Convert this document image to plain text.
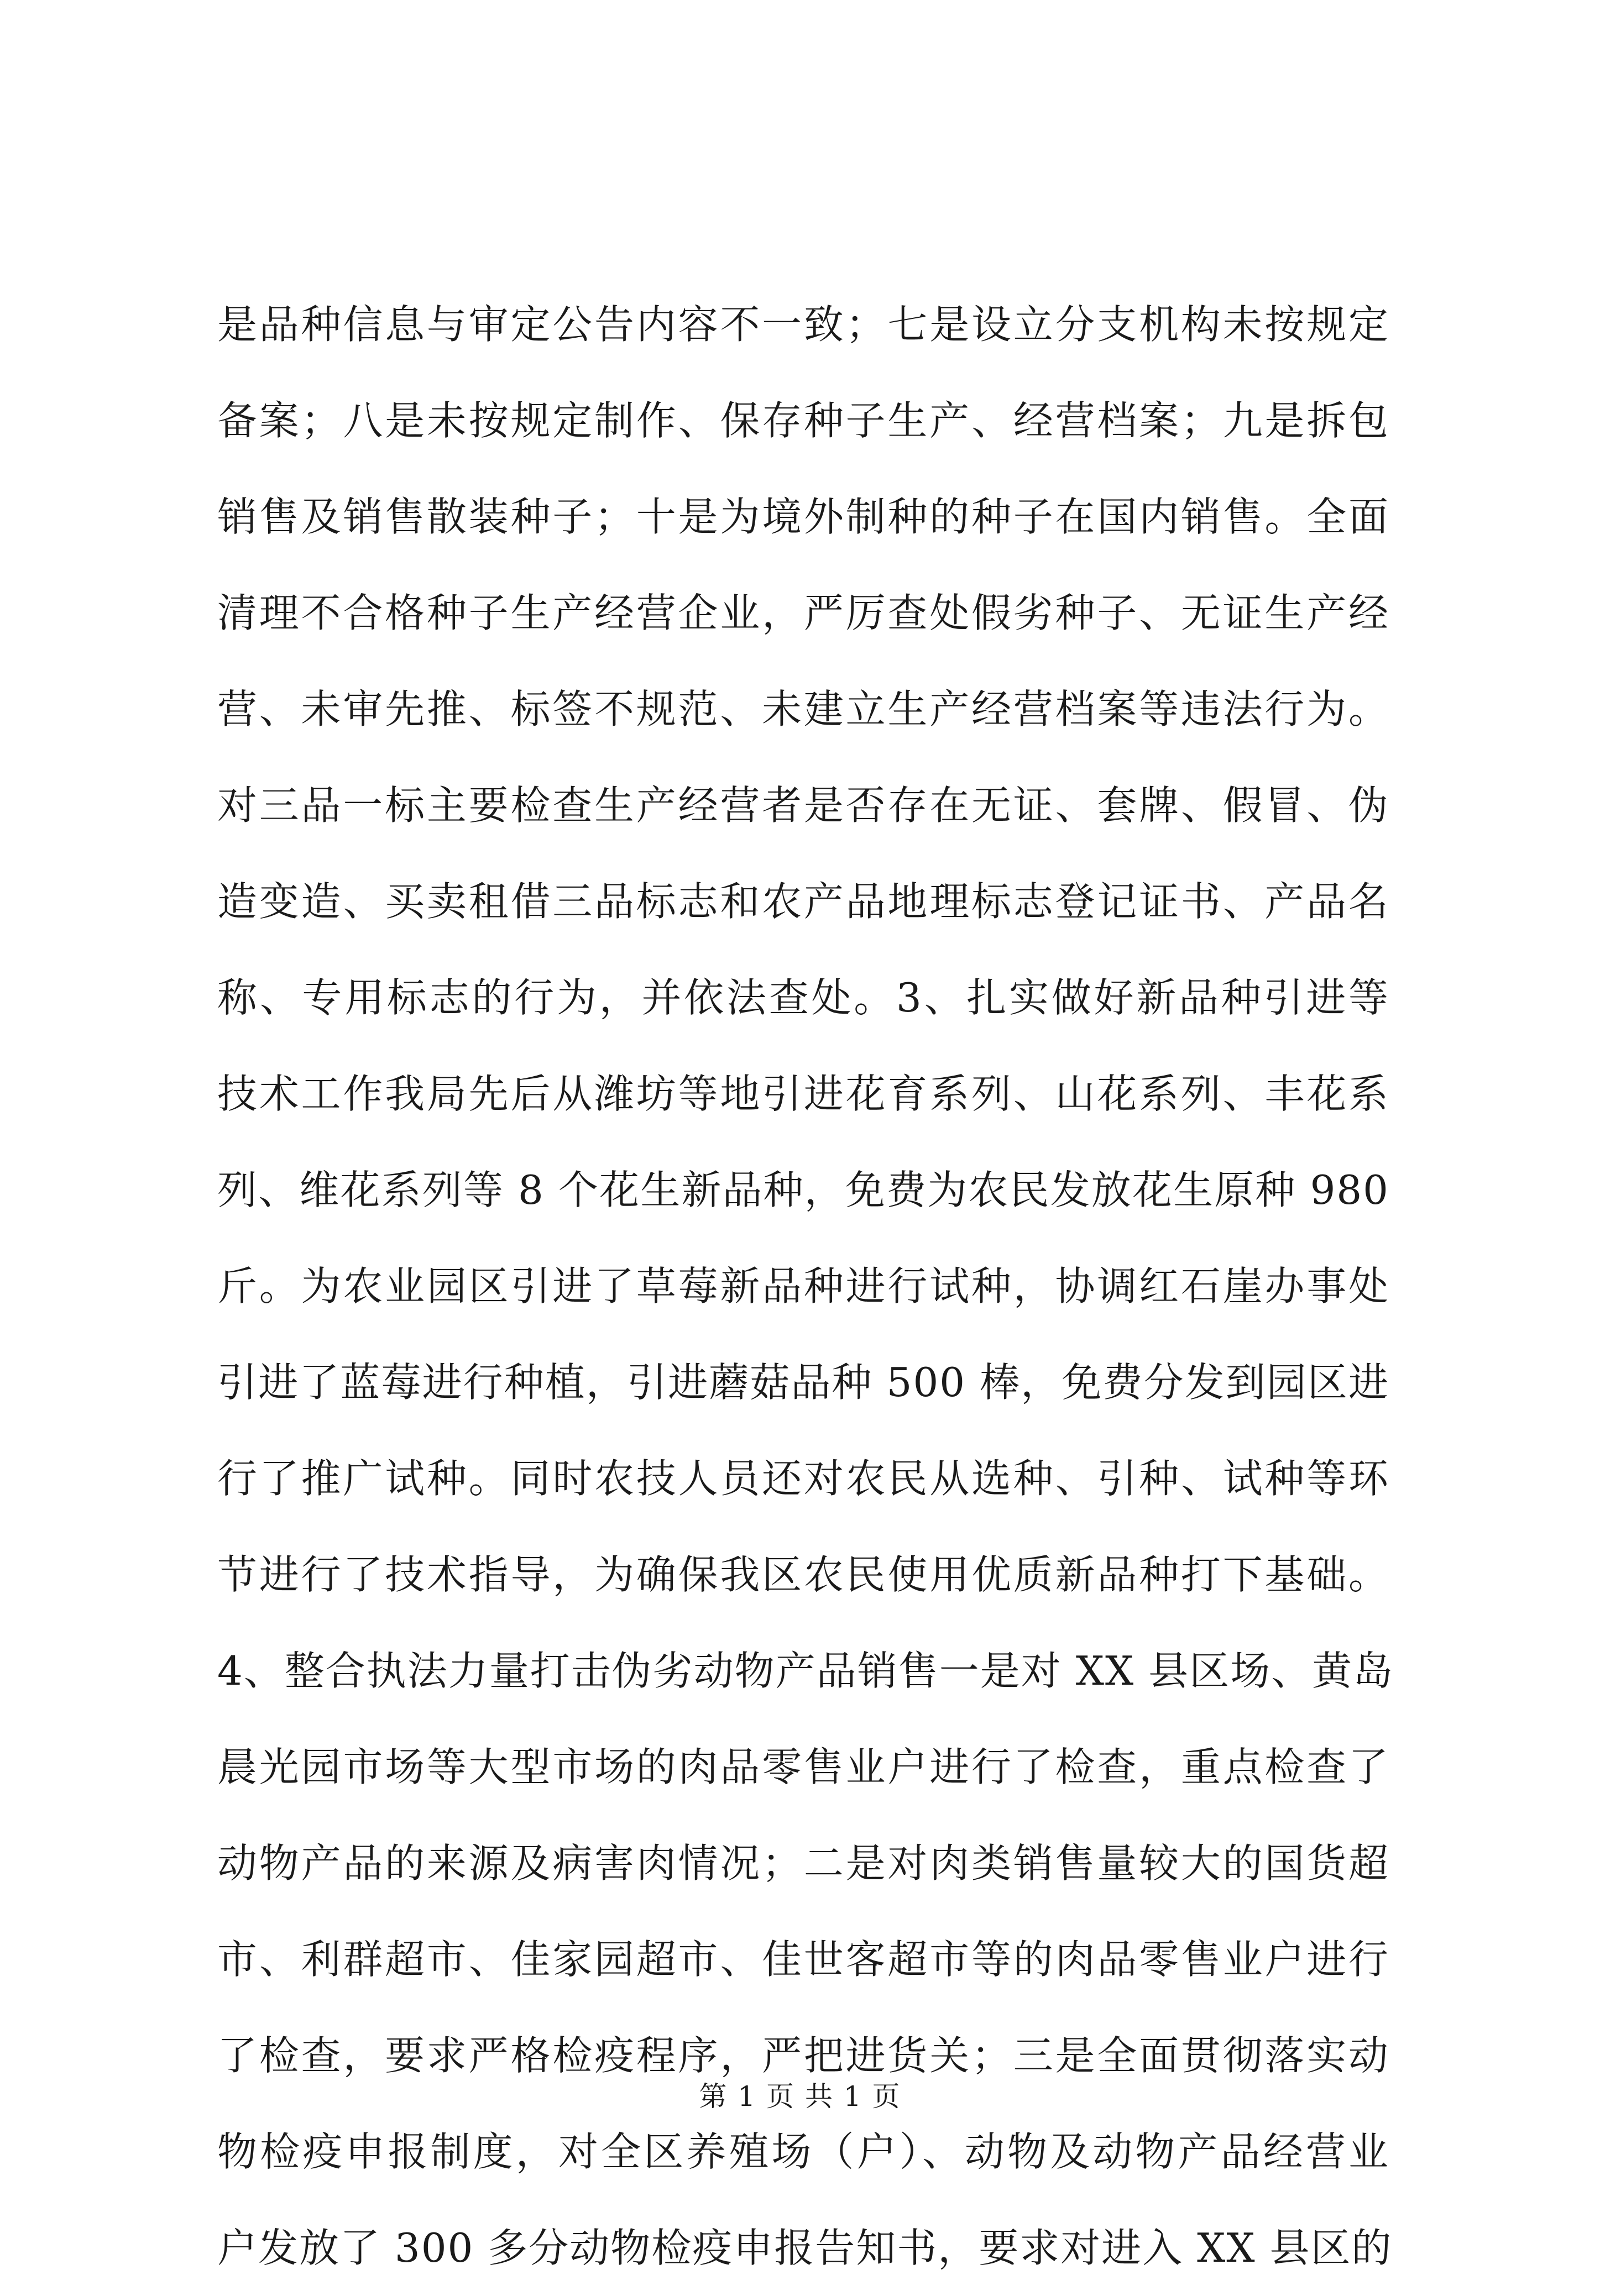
是品种信息与审定公告内容不一致；七是设立分支机构未按规定
备案；八是未按规定制作、保存种子生产、经营档案；九是拆包
销售及销售散装种子；十是为境外制种的种子在国内销售。全面
清理不合格种子生产经营企业，严厉查处假劣种子、无证生产经
营、未审先推、标签不规范、未建立生产经营档案等违法行为。
对三品一标主要检查生产经营者是否存在无证、套牌、假冒、伪
造变造、买卖租借三品标志和农产品地理标志登记证书、产品名
称、专用标志的行为，并依法查处。3、扎实做好新品种引进等
技术工作我局先后从潍坊等地引进花育系列、山花系列、丰花系
列、维花系列等 8 个花生新品种，免费为农民发放花生原种 980
斤。为农业园区引进了草莓新品种进行试种，协调红石崖办事处
引进了蓝莓进行种植，引进蘑菇品种 500 棒，免费分发到园区进
行了推广试种。同时农技人员还对农民从选种、引种、试种等环
节进行了技术指导，为确保我区农民使用优质新品种打下基础。
4、整合执法力量打击伪劣动物产品销售一是对 XX 县区场、黄岛
晨光园市场等大型市场的肉品零售业户进行了检查，重点检查了
动物产品的来源及病害肉情况；二是对肉类销售量较大的国货超
市、利群超市、佳家园超市、佳世客超市等的肉品零售业户进行
了检查，要求严格检疫程序，严把进货关；三是全面贯彻落实动
物检疫申报制度，对全区养殖场（户）、动物及动物产品经营业
户发放了 300 多分动物检疫申报告知书，要求对进入 XX 县区的
第 1 页 共 1 页
